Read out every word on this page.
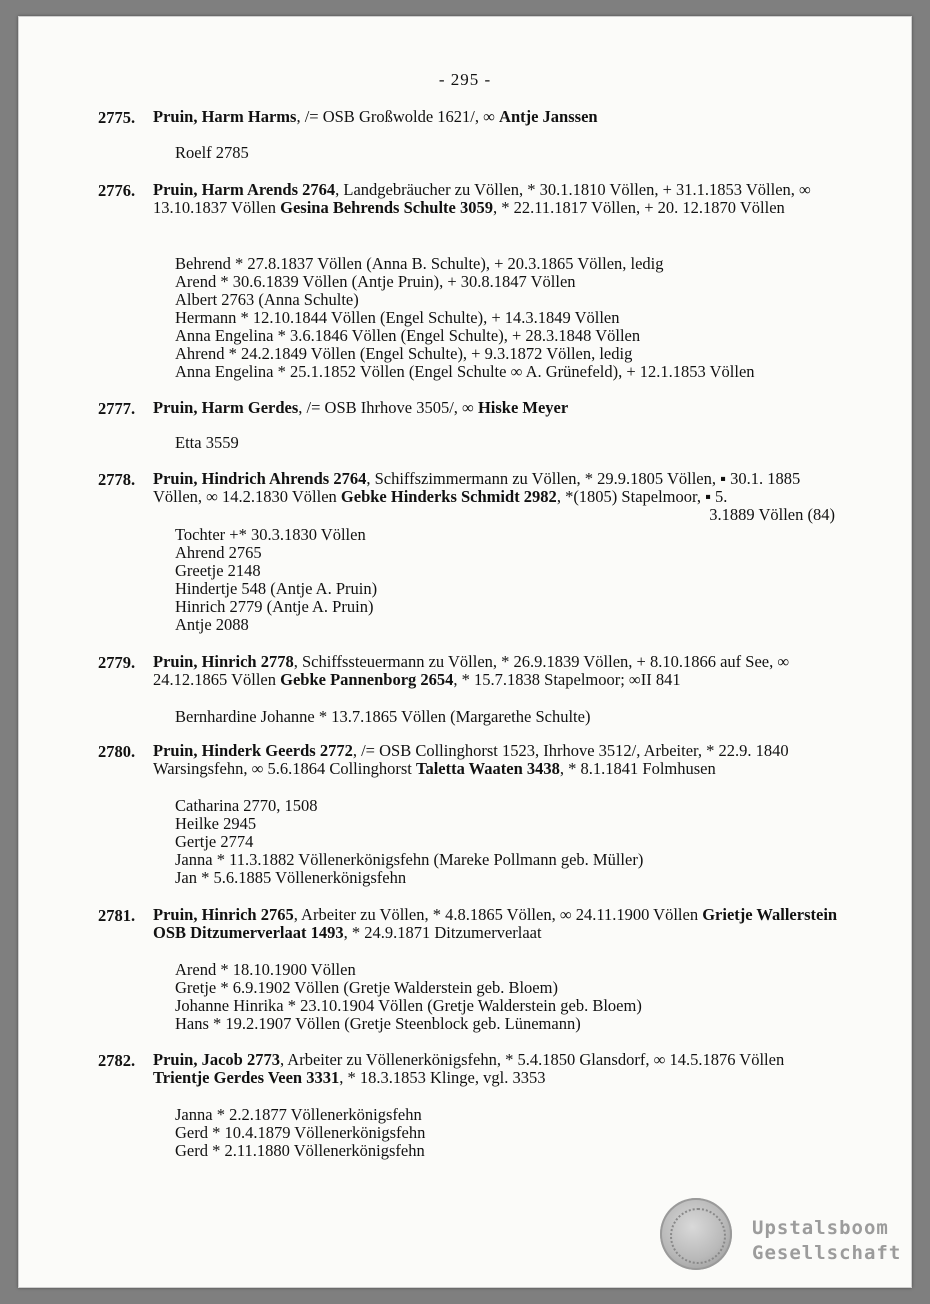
- 295 -
2775. Pruin, Harm Harms, /= OSB Großwolde 1621/, ∞ Antje Janssen
Roelf 2785
2776. Pruin, Harm Arends 2764, Landgebräucher zu Völlen, * 30.1.1810 Völlen, + 31.1.1853 Völlen, ∞ 13.10.1837 Völlen Gesina Behrends Schulte 3059, * 22.11.1817 Völlen, + 20. 12.1870 Völlen
Behrend * 27.8.1837 Völlen (Anna B. Schulte), + 20.3.1865 Völlen, ledig
Arend * 30.6.1839 Völlen (Antje Pruin), + 30.8.1847 Völlen
Albert 2763 (Anna Schulte)
Hermann * 12.10.1844 Völlen (Engel Schulte), + 14.3.1849 Völlen
Anna Engelina * 3.6.1846 Völlen (Engel Schulte), + 28.3.1848 Völlen
Ahrend * 24.2.1849 Völlen (Engel Schulte), + 9.3.1872 Völlen, ledig
Anna Engelina * 25.1.1852 Völlen (Engel Schulte ∞ A. Grünefeld), + 12.1.1853 Völlen
2777. Pruin, Harm Gerdes, /= OSB Ihrhove 3505/, ∞ Hiske Meyer
Etta 3559
2778. Pruin, Hindrich Ahrends 2764, Schiffszimmermann zu Völlen, * 29.9.1805 Völlen, ▪ 30.1. 1885 Völlen, ∞ 14.2.1830 Völlen Gebke Hinderks Schmidt 2982, *(1805) Stapelmoor, ▪ 5.
3.1889 Völlen (84)
Tochter +* 30.3.1830 Völlen
Ahrend 2765
Greetje 2148
Hindertje 548 (Antje A. Pruin)
Hinrich 2779 (Antje A. Pruin)
Antje 2088
2779. Pruin, Hinrich 2778, Schiffssteuermann zu Völlen, * 26.9.1839 Völlen, + 8.10.1866 auf See, ∞ 24.12.1865 Völlen Gebke Pannenborg 2654, * 15.7.1838 Stapelmoor; ∞II 841
Bernhardine Johanne * 13.7.1865 Völlen (Margarethe Schulte)
2780. Pruin, Hinderk Geerds 2772, /= OSB Collinghorst 1523, Ihrhove 3512/, Arbeiter, * 22.9. 1840 Warsingsfehn, ∞ 5.6.1864 Collinghorst Taletta Waaten 3438, * 8.1.1841 Folmhusen
Catharina 2770, 1508
Heilke 2945
Gertje 2774
Janna * 11.3.1882 Völlenerkönigsfehn (Mareke Pollmann geb. Müller)
Jan * 5.6.1885 Völlenerkönigsfehn
2781. Pruin, Hinrich 2765, Arbeiter zu Völlen, * 4.8.1865 Völlen, ∞ 24.11.1900 Völlen Grietje Wallerstein OSB Ditzumerverlaat 1493, * 24.9.1871 Ditzumerverlaat
Arend * 18.10.1900 Völlen
Gretje * 6.9.1902 Völlen (Gretje Walderstein geb. Bloem)
Johanne Hinrika * 23.10.1904 Völlen (Gretje Walderstein geb. Bloem)
Hans * 19.2.1907 Völlen (Gretje Steenblock geb. Lünemann)
2782. Pruin, Jacob 2773, Arbeiter zu Völlenerkönigsfehn, * 5.4.1850 Glansdorf, ∞ 14.5.1876 Völlen Trientje Gerdes Veen 3331, * 18.3.1853 Klinge, vgl. 3353
Janna * 2.2.1877 Völlenerkönigsfehn
Gerd * 10.4.1879 Völlenerkönigsfehn
Gerd * 2.11.1880 Völlenerkönigsfehn
Upstalsboom
Gesellschaft
